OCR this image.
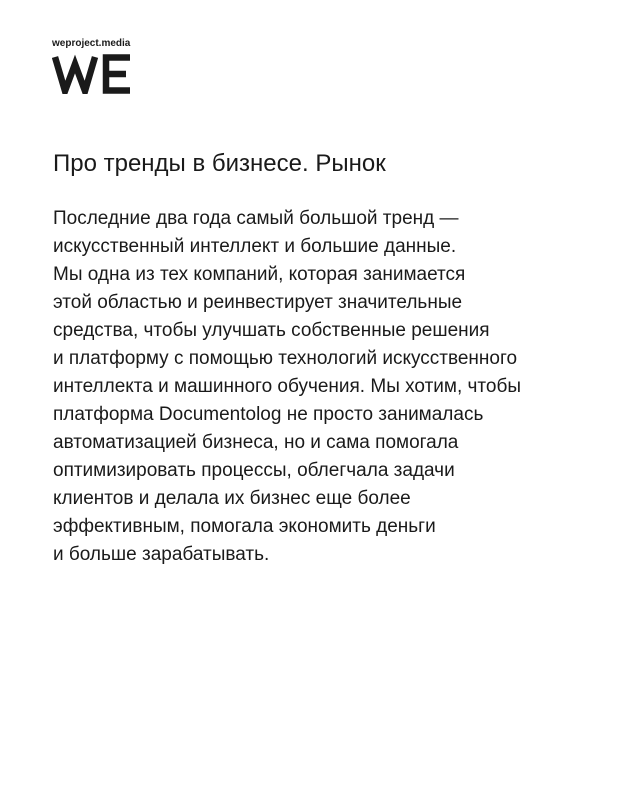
weproject.media

Про тренды в бизнесе. Рынок
Последние два года самый большой тренд —
искусственный интеллект и большие данные.
Мы одна из тех компаний, которая занимается
этой областью и реинвестирует значительные
средства, чтобы улучшать собственные решения
и платформу с помощью технологий искусственного
интеллекта и машинного обучения. Мы хотим, чтобы
платформа Documentolog не просто занималась
автоматизацией бизнеса, но и сама помогала
оптимизировать процессы, облегчала задачи
клиентов и делала их бизнес еще более
эффективным, помогала экономить деньги
и больше зарабатывать.
